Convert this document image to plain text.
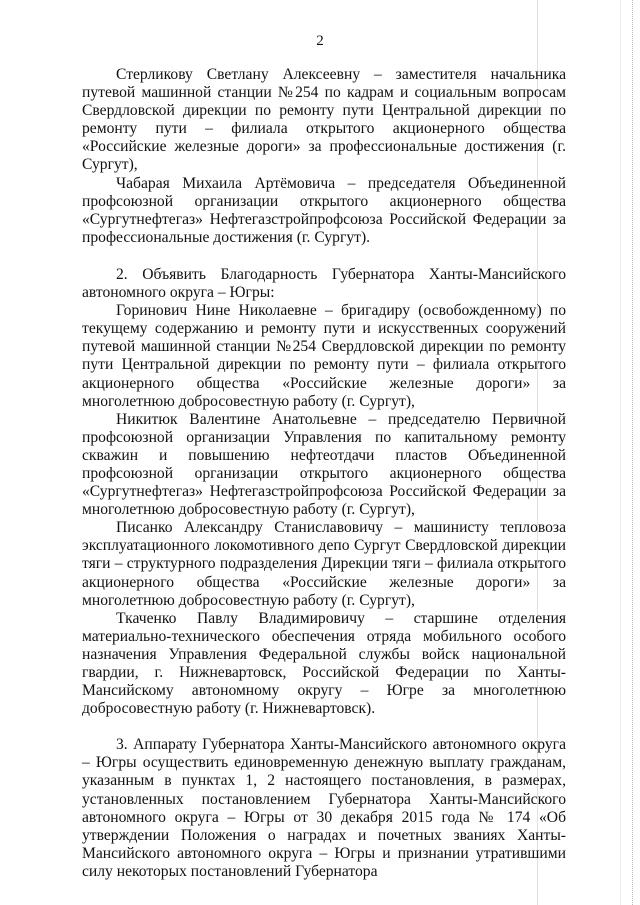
2

Стерликову Светлану Алексеевну – заместителя начальника путевой машинной станции №254 по кадрам и социальным вопросам Свердловской дирекции по ремонту пути Центральной дирекции по ремонту пути – филиала открытого акционерного общества «Российские железные дороги» за профессиональные достижения (г. Сургут),

Чабарая Михаила Артёмовича – председателя Объединенной профсоюзной организации открытого акционерного общества «Сургутнефтегаз» Нефтегазстройпрофсоюза Российской Федерации за профессиональные достижения (г. Сургут).

2. Объявить Благодарность Губернатора Ханты-Мансийского автономного округа – Югры:

Горинович Нине Николаевне – бригадиру (освобожденному) по текущему содержанию и ремонту пути и искусственных сооружений путевой машинной станции №254 Свердловской дирекции по ремонту пути Центральной дирекции по ремонту пути – филиала открытого акционерного общества «Российские железные дороги» за многолетнюю добросовестную работу (г. Сургут),

Никитюк Валентине Анатольевне – председателю Первичной профсоюзной организации Управления по капитальному ремонту скважин и повышению нефтеотдачи пластов Объединенной профсоюзной организации открытого акционерного общества «Сургутнефтегаз» Нефтегазстройпрофсоюза Российской Федерации за многолетнюю добросовестную работу (г. Сургут),

Писанко Александру Станиславовичу – машинисту тепловоза эксплуатационного локомотивного депо Сургут Свердловской дирекции тяги – структурного подразделения Дирекции тяги – филиала открытого акционерного общества «Российские железные дороги» за многолетнюю добросовестную работу (г. Сургут),

Ткаченко Павлу Владимировичу – старшине отделения материально-технического обеспечения отряда мобильного особого назначения Управления Федеральной службы войск национальной гвардии, г. Нижневартовск, Российской Федерации по Ханты-Мансийскому автономному округу – Югре за многолетнюю добросовестную работу (г. Нижневартовск).

3. Аппарату Губернатора Ханты-Мансийского автономного округа – Югры осуществить единовременную денежную выплату гражданам, указанным в пунктах 1, 2 настоящего постановления, в размерах, установленных постановлением Губернатора Ханты-Мансийского автономного округа – Югры от 30 декабря 2015 года № 174 «Об утверждении Положения о наградах и почетных званиях Ханты-Мансийского автономного округа – Югры и признании утратившими силу некоторых постановлений Губернатора
